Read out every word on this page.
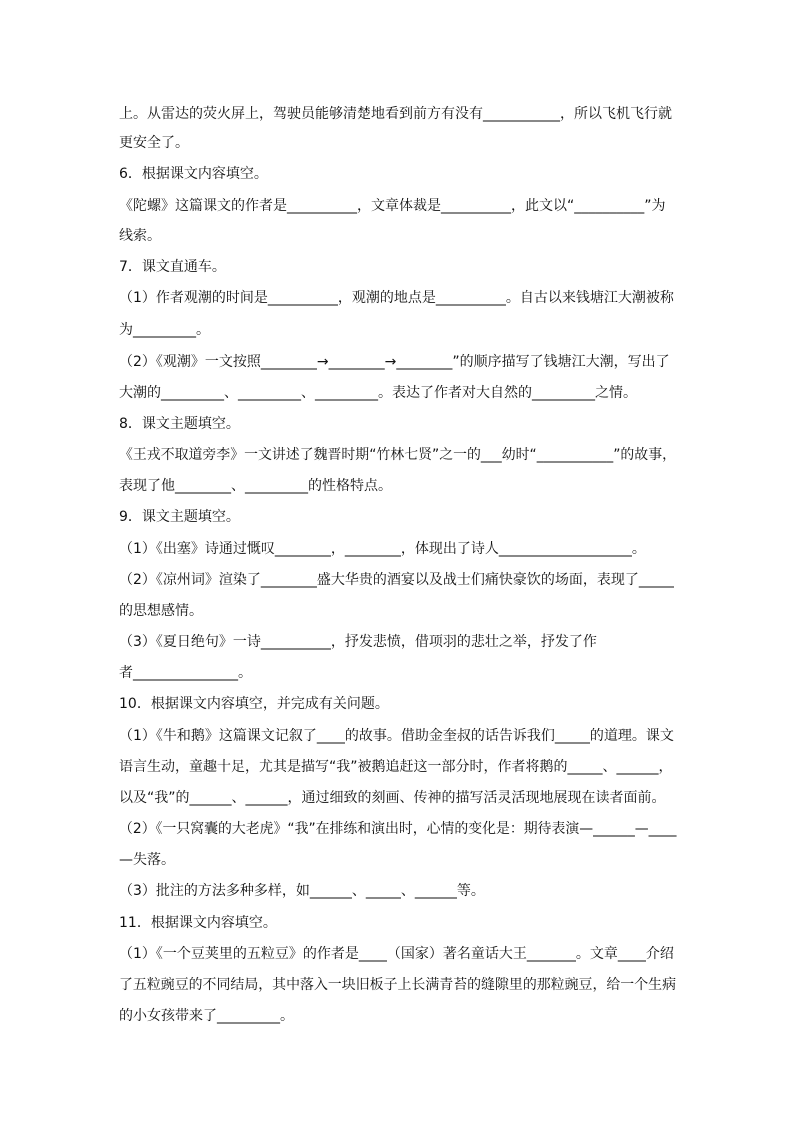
上。从雷达的荧火屏上，驾驶员能够清楚地看到前方有没有___________，所以飞机飞行就
更安全了。
6．根据课文内容填空。
《陀螺》这篇课文的作者是__________，文章体裁是__________，此文以“__________”为
线索。
7．课文直通车。
（1）作者观潮的时间是__________，观潮的地点是__________。自古以来钱塘江大潮被称
为_________。
（2）《观潮》一文按照________→________→________”的顺序描写了钱塘江大潮，写出了
大潮的_________、_________、_________。表达了作者对大自然的_________之情。
8．课文主题填空。
《王戎不取道旁李》一文讲述了魏晋时期“竹林七贤”之一的___幼时“___________”的故事，
表现了他________、_________的性格特点。
9．课文主题填空。
（1）《出塞》诗通过慨叹________，________，体现出了诗人___________________。
（2）《凉州词》渲染了________盛大华贵的酒宴以及战士们痛快豪饮的场面，表现了_____
的思想感情。
（3）《夏日绝句》一诗__________，抒发悲愤，借项羽的悲壮之举，抒发了作
者_______________。
10．根据课文内容填空，并完成有关问题。
（1）《牛和鹅》这篇课文记叙了____的故事。借助金奎叔的话告诉我们_____的道理。课文
语言生动，童趣十足，尤其是描写“我”被鹅追赶这一部分时，作者将鹅的_____、______，
以及“我”的______、______，通过细致的刻画、传神的描写活灵活现地展现在读者面前。
（2）《一只窝囊的大老虎》“我”在排练和演出时，心情的变化是：期待表演—______—____
—失落。
（3）批注的方法多种多样，如______、_____、______等。
11．根据课文内容填空。
（1）《一个豆荚里的五粒豆》的作者是____（国家）著名童话大王_______。文章____介绍
了五粒豌豆的不同结局，其中落入一块旧板子上长满青苔的缝隙里的那粒豌豆，给一个生病
的小女孩带来了_________。
